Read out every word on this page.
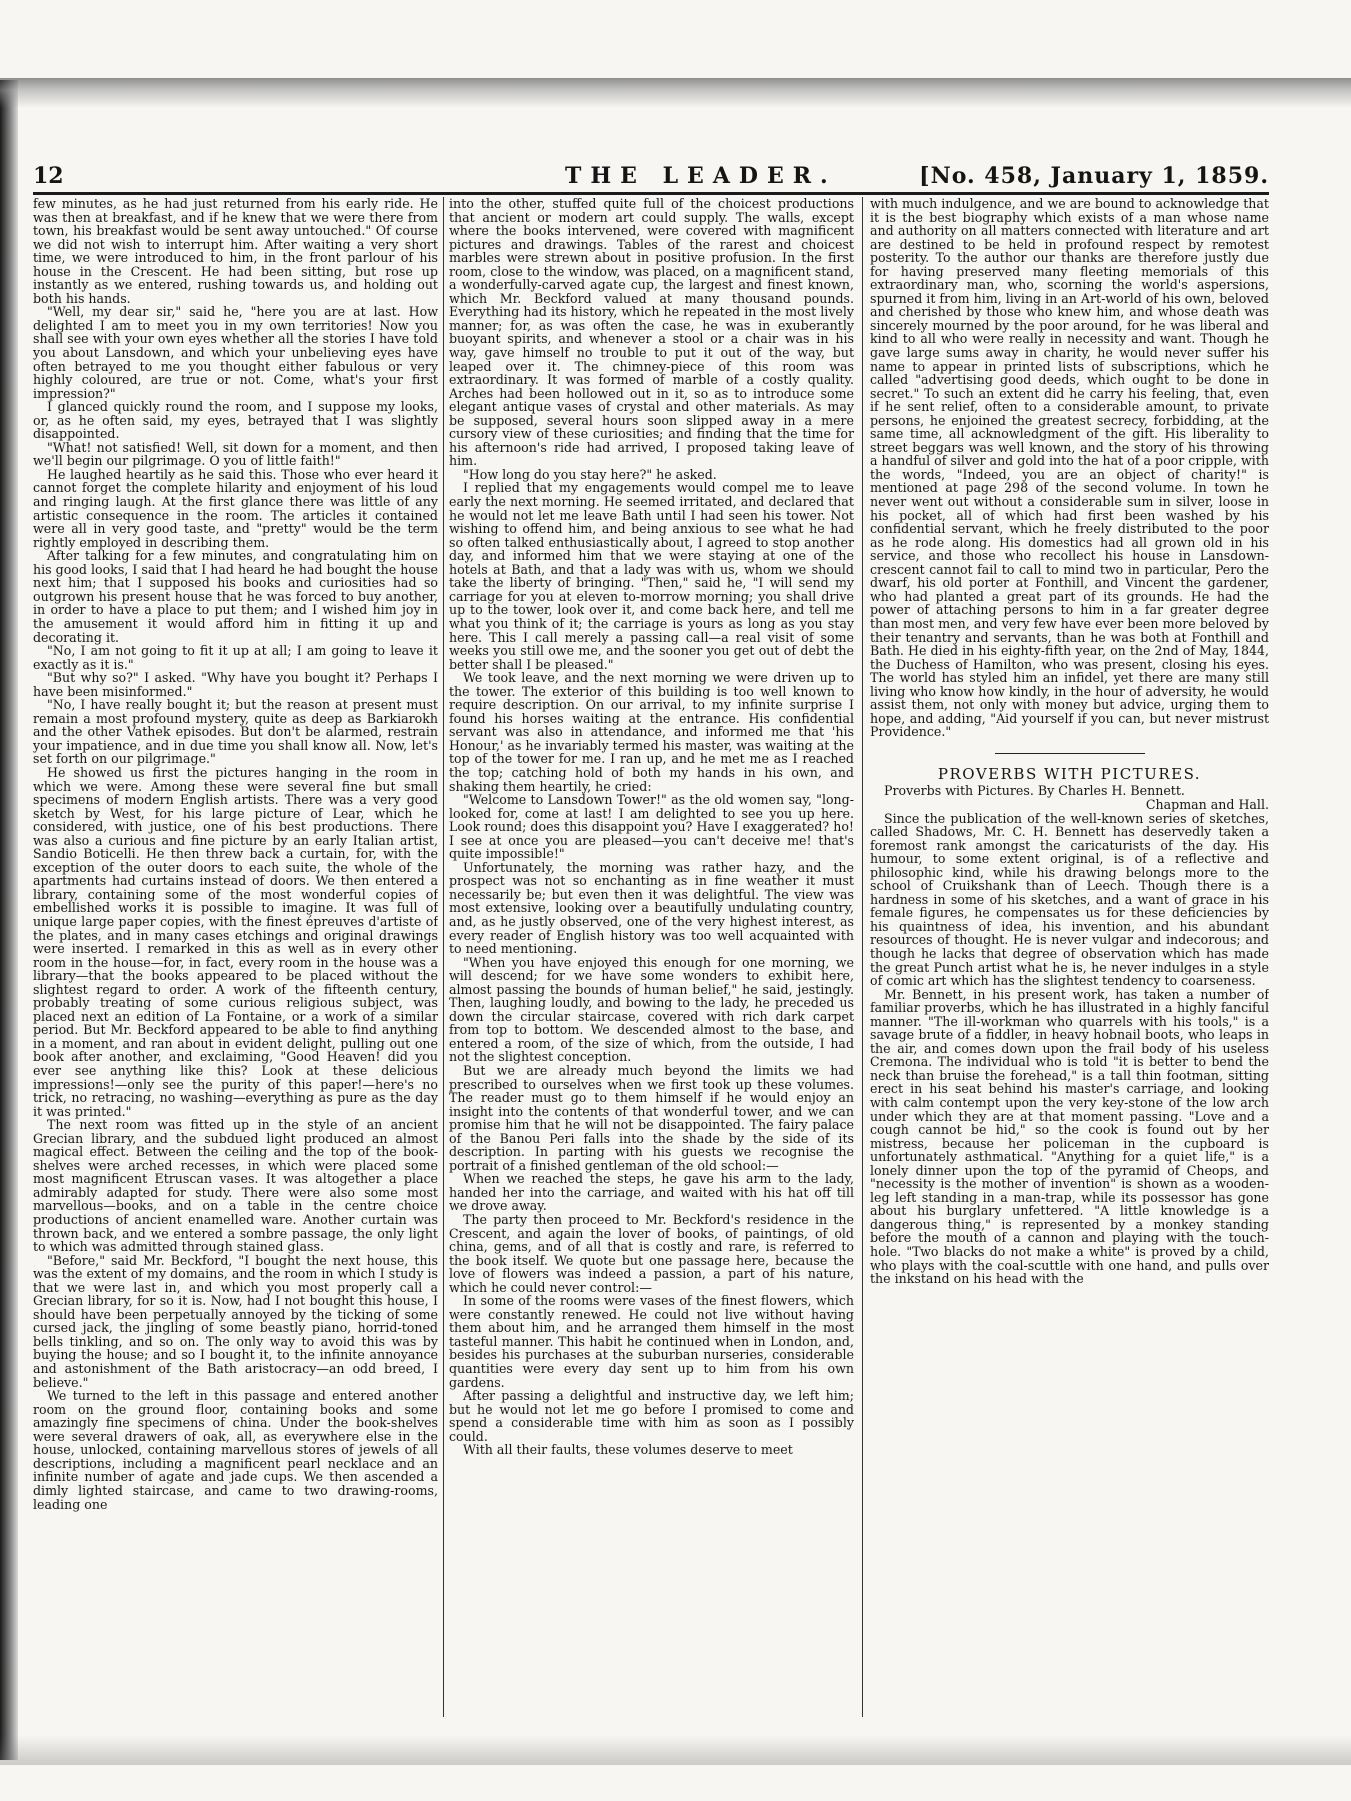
12	THE LEADER.	[No. 458, January 1, 1859.

few minutes, as he had just returned from his early ride. He was then at breakfast, and if he knew that we were there from town, his breakfast would be sent away untouched." Of course we did not wish to interrupt him. After waiting a very short time, we were introduced to him, in the front parlour of his house in the Crescent. He had been sitting, but rose up instantly as we entered, rushing towards us, and holding out both his hands.

"Well, my dear sir," said he, "here you are at last. How delighted I am to meet you in my own territories! Now you shall see with your own eyes whether all the stories I have told you about Lansdown, and which your unbelieving eyes have often betrayed to me you thought either fabulous or very highly coloured, are true or not. Come, what's your first impression?"

I glanced quickly round the room, and I suppose my looks, or, as he often said, my eyes, betrayed that I was slightly disappointed.

"What! not satisfied! Well, sit down for a moment, and then we'll begin our pilgrimage. O you of little faith!"

He laughed heartily as he said this. Those who ever heard it cannot forget the complete hilarity and enjoyment of his loud and ringing laugh. At the first glance there was little of any artistic consequence in the room. The articles it contained were all in very good taste, and "pretty" would be the term rightly employed in describing them.

After talking for a few minutes, and congratulating him on his good looks, I said that I had heard he had bought the house next him; that I supposed his books and curiosities had so outgrown his present house that he was forced to buy another, in order to have a place to put them; and I wished him joy in the amusement it would afford him in fitting it up and decorating it.

"No, I am not going to fit it up at all; I am going to leave it exactly as it is."

"But why so?" I asked. "Why have you bought it? Perhaps I have been misinformed."

"No, I have really bought it; but the reason at present must remain a most profound mystery, quite as deep as Barkiarokh and the other Vathek episodes. But don't be alarmed, restrain your impatience, and in due time you shall know all. Now, let's set forth on our pilgrimage."

He showed us first the pictures hanging in the room in which we were. Among these were several fine but small specimens of modern English artists. There was a very good sketch by West, for his large picture of Lear, which he considered, with justice, one of his best productions. There was also a curious and fine picture by an early Italian artist, Sandio Boticelli. He then threw back a curtain, for, with the exception of the outer doors to each suite, the whole of the apartments had curtains instead of doors. We then entered a library, containing some of the most wonderful copies of embellished works it is possible to imagine. It was full of unique large paper copies, with the finest épreuves d'artiste of the plates, and in many cases etchings and original drawings were inserted. I remarked in this as well as in every other room in the house—for, in fact, every room in the house was a library—that the books appeared to be placed without the slightest regard to order. A work of the fifteenth century, probably treating of some curious religious subject, was placed next an edition of La Fontaine, or a work of a similar period. But Mr. Beckford appeared to be able to find anything in a moment, and ran about in evident delight, pulling out one book after another, and exclaiming, "Good Heaven! did you ever see anything like this? Look at these delicious impressions!—only see the purity of this paper!—here's no trick, no retracing, no washing—everything as pure as the day it was printed."

The next room was fitted up in the style of an ancient Grecian library, and the subdued light produced an almost magical effect. Between the ceiling and the top of the book-shelves were arched recesses, in which were placed some most magnificent Etruscan vases. It was altogether a place admirably adapted for study. There were also some most marvellous—books, and on a table in the centre choice productions of ancient enamelled ware. Another curtain was thrown back, and we entered a sombre passage, the only light to which was admitted through stained glass.

"Before," said Mr. Beckford, "I bought the next house, this was the extent of my domains, and the room in which I study is that we were last in, and which you most properly call a Grecian library, for so it is. Now, had I not bought this house, I should have been perpetually annoyed by the ticking of some cursed jack, the jingling of some beastly piano, horrid-toned bells tinkling, and so on. The only way to avoid this was by buying the house; and so I bought it, to the infinite annoyance and astonishment of the Bath aristocracy—an odd breed, I believe."

We turned to the left in this passage and entered another room on the ground floor, containing books and some amazingly fine specimens of china. Under the book-shelves were several drawers of oak, all, as everywhere else in the house, unlocked, containing marvellous stores of jewels of all descriptions, including a magnificent pearl necklace and an infinite number of agate and jade cups. We then ascended a dimly lighted staircase, and came to two drawing-rooms, leading one

into the other, stuffed quite full of the choicest productions that ancient or modern art could supply. The walls, except where the books intervened, were covered with magnificent pictures and drawings. Tables of the rarest and choicest marbles were strewn about in positive profusion. In the first room, close to the window, was placed, on a magnificent stand, a wonderfully-carved agate cup, the largest and finest known, which Mr. Beckford valued at many thousand pounds. Everything had its history, which he repeated in the most lively manner; for, as was often the case, he was in exuberantly buoyant spirits, and whenever a stool or a chair was in his way, gave himself no trouble to put it out of the way, but leaped over it. The chimney-piece of this room was extraordinary. It was formed of marble of a costly quality. Arches had been hollowed out in it, so as to introduce some elegant antique vases of crystal and other materials. As may be supposed, several hours soon slipped away in a mere cursory view of these curiosities; and finding that the time for his afternoon's ride had arrived, I proposed taking leave of him.

"How long do you stay here?" he asked.

I replied that my engagements would compel me to leave early the next morning. He seemed irritated, and declared that he would not let me leave Bath until I had seen his tower. Not wishing to offend him, and being anxious to see what he had so often talked enthusiastically about, I agreed to stop another day, and informed him that we were staying at one of the hotels at Bath, and that a lady was with us, whom we should take the liberty of bringing. "Then," said he, "I will send my carriage for you at eleven to-morrow morning; you shall drive up to the tower, look over it, and come back here, and tell me what you think of it; the carriage is yours as long as you stay here. This I call merely a passing call—a real visit of some weeks you still owe me, and the sooner you get out of debt the better shall I be pleased."

We took leave, and the next morning we were driven up to the tower. The exterior of this building is too well known to require description. On our arrival, to my infinite surprise I found his horses waiting at the entrance. His confidential servant was also in attendance, and informed me that 'his Honour,' as he invariably termed his master, was waiting at the top of the tower for me. I ran up, and he met me as I reached the top; catching hold of both my hands in his own, and shaking them heartily, he cried:

"Welcome to Lansdown Tower!" as the old women say, "long-looked for, come at last! I am delighted to see you up here. Look round; does this disappoint you? Have I exaggerated? ho! I see at once you are pleased—you can't deceive me! that's quite impossible!"

Unfortunately, the morning was rather hazy, and the prospect was not so enchanting as in fine weather it must necessarily be; but even then it was delightful. The view was most extensive, looking over a beautifully undulating country, and, as he justly observed, one of the very highest interest, as every reader of English history was too well acquainted with to need mentioning.

"When you have enjoyed this enough for one morning, we will descend; for we have some wonders to exhibit here, almost passing the bounds of human belief," he said, jestingly. Then, laughing loudly, and bowing to the lady, he preceded us down the circular staircase, covered with rich dark carpet from top to bottom. We descended almost to the base, and entered a room, of the size of which, from the outside, I had not the slightest conception.

But we are already much beyond the limits we had prescribed to ourselves when we first took up these volumes. The reader must go to them himself if he would enjoy an insight into the contents of that wonderful tower, and we can promise him that he will not be disappointed. The fairy palace of the Banou Peri falls into the shade by the side of its description. In parting with his guests we recognise the portrait of a finished gentleman of the old school:—

When we reached the steps, he gave his arm to the lady, handed her into the carriage, and waited with his hat off till we drove away.

The party then proceed to Mr. Beckford's residence in the Crescent, and again the lover of books, of paintings, of old china, gems, and of all that is costly and rare, is referred to the book itself. We quote but one passage here, because the love of flowers was indeed a passion, a part of his nature, which he could never control:—

In some of the rooms were vases of the finest flowers, which were constantly renewed. He could not live without having them about him, and he arranged them himself in the most tasteful manner. This habit he continued when in London, and, besides his purchases at the suburban nurseries, considerable quantities were every day sent up to him from his own gardens.

After passing a delightful and instructive day, we left him; but he would not let me go before I promised to come and spend a considerable time with him as soon as I possibly could.

With all their faults, these volumes deserve to meet

with much indulgence, and we are bound to acknowledge that it is the best biography which exists of a man whose name and authority on all matters connected with literature and art are destined to be held in profound respect by remotest posterity. To the author our thanks are therefore justly due for having preserved many fleeting memorials of this extraordinary man, who, scorning the world's aspersions, spurned it from him, living in an Art-world of his own, beloved and cherished by those who knew him, and whose death was sincerely mourned by the poor around, for he was liberal and kind to all who were really in necessity and want. Though he gave large sums away in charity, he would never suffer his name to appear in printed lists of subscriptions, which he called "advertising good deeds, which ought to be done in secret." To such an extent did he carry his feeling, that, even if he sent relief, often to a considerable amount, to private persons, he enjoined the greatest secrecy, forbidding, at the same time, all acknowledgment of the gift. His liberality to street beggars was well known, and the story of his throwing a handful of silver and gold into the hat of a poor cripple, with the words, "Indeed, you are an object of charity!" is mentioned at page 298 of the second volume. In town he never went out without a considerable sum in silver, loose in his pocket, all of which had first been washed by his confidential servant, which he freely distributed to the poor as he rode along. His domestics had all grown old in his service, and those who recollect his house in Lansdown-crescent cannot fail to call to mind two in particular, Pero the dwarf, his old porter at Fonthill, and Vincent the gardener, who had planted a great part of its grounds. He had the power of attaching persons to him in a far greater degree than most men, and very few have ever been more beloved by their tenantry and servants, than he was both at Fonthill and Bath. He died in his eighty-fifth year, on the 2nd of May, 1844, the Duchess of Hamilton, who was present, closing his eyes. The world has styled him an infidel, yet there are many still living who know how kindly, in the hour of adversity, he would assist them, not only with money but advice, urging them to hope, and adding, "Aid yourself if you can, but never mistrust Providence."

PROVERBS WITH PICTURES.

Proverbs with Pictures. By Charles H. Bennett.

Chapman and Hall.

Since the publication of the well-known series of sketches, called Shadows, Mr. C. H. Bennett has deservedly taken a foremost rank amongst the caricaturists of the day. His humour, to some extent original, is of a reflective and philosophic kind, while his drawing belongs more to the school of Cruikshank than of Leech. Though there is a hardness in some of his sketches, and a want of grace in his female figures, he compensates us for these deficiencies by his quaintness of idea, his invention, and his abundant resources of thought. He is never vulgar and indecorous; and though he lacks that degree of observation which has made the great Punch artist what he is, he never indulges in a style of comic art which has the slightest tendency to coarseness.

Mr. Bennett, in his present work, has taken a number of familiar proverbs, which he has illustrated in a highly fanciful manner. "The ill-workman who quarrels with his tools," is a savage brute of a fiddler, in heavy hobnail boots, who leaps in the air, and comes down upon the frail body of his useless Cremona. The individual who is told "it is better to bend the neck than bruise the forehead," is a tall thin footman, sitting erect in his seat behind his master's carriage, and looking with calm contempt upon the very key-stone of the low arch under which they are at that moment passing. "Love and a cough cannot be hid," so the cook is found out by her mistress, because her policeman in the cupboard is unfortunately asthmatical. "Anything for a quiet life," is a lonely dinner upon the top of the pyramid of Cheops, and "necessity is the mother of invention" is shown as a wooden-leg left standing in a man-trap, while its possessor has gone about his burglary unfettered. "A little knowledge is a dangerous thing," is represented by a monkey standing before the mouth of a cannon and playing with the touch-hole. "Two blacks do not make a white" is proved by a child, who plays with the coal-scuttle with one hand, and pulls over the inkstand on his head with the
